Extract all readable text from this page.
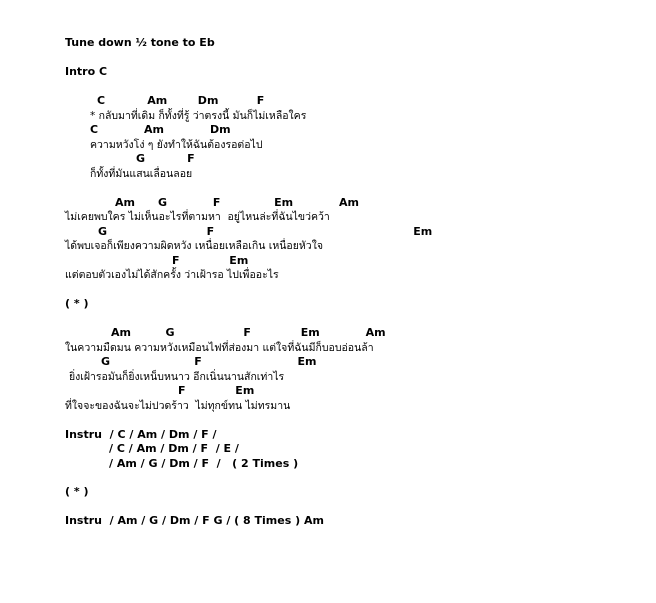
Tune down ½ tone to Eb
Intro C
C           Am        Dm          F
* กลับมาที่เดิม ก็ทั้งที่รู้ ว่าตรงนี้ มันก็ไม่เหลือใคร
C            Am            Dm
ความหวังโง่ ๆ ยังทำให้ฉันต้องรอต่อไป
G           F
ก็ทั้งที่มันแสนเลื่อนลอย
Am      G            F              Em            Am
ไม่เคยพบใคร ไม่เห็นอะไรที่ตามหา  อยู่ไหนล่ะที่ฉันไขว่คว้า
G                          F                                                    Em
ได้พบเจอก็เพียงความผิดหวัง เหนื่อยเหลือเกิน เหนื่อยหัวใจ
F             Em
แต่ตอบตัวเองไม่ได้สักครั้ง ว่าเฝ้ารอ ไปเพื่ออะไร
( * )
Am         G                  F             Em            Am
ในความมืดมน ความหวังเหมือนไฟที่ส่องมา แต่ใจที่ฉันมีก็บอบอ่อนล้า
G                      F                         Em
ยิ่งเฝ้ารอมันก็ยิ่งเหน็บหนาว อีกเนิ่นนานสักเท่าไร
F             Em
ที่ใจจะของฉันจะไม่ปวดร้าว  ไม่ทุกข์ทน ไม่ทรมาน
Instru  / C / Am / Dm / F /
/ C / Am / Dm / F  / E /
/ Am / G / Dm / F  /   ( 2 Times )
( * )
Instru  / Am / G / Dm / F G / ( 8 Times ) Am
